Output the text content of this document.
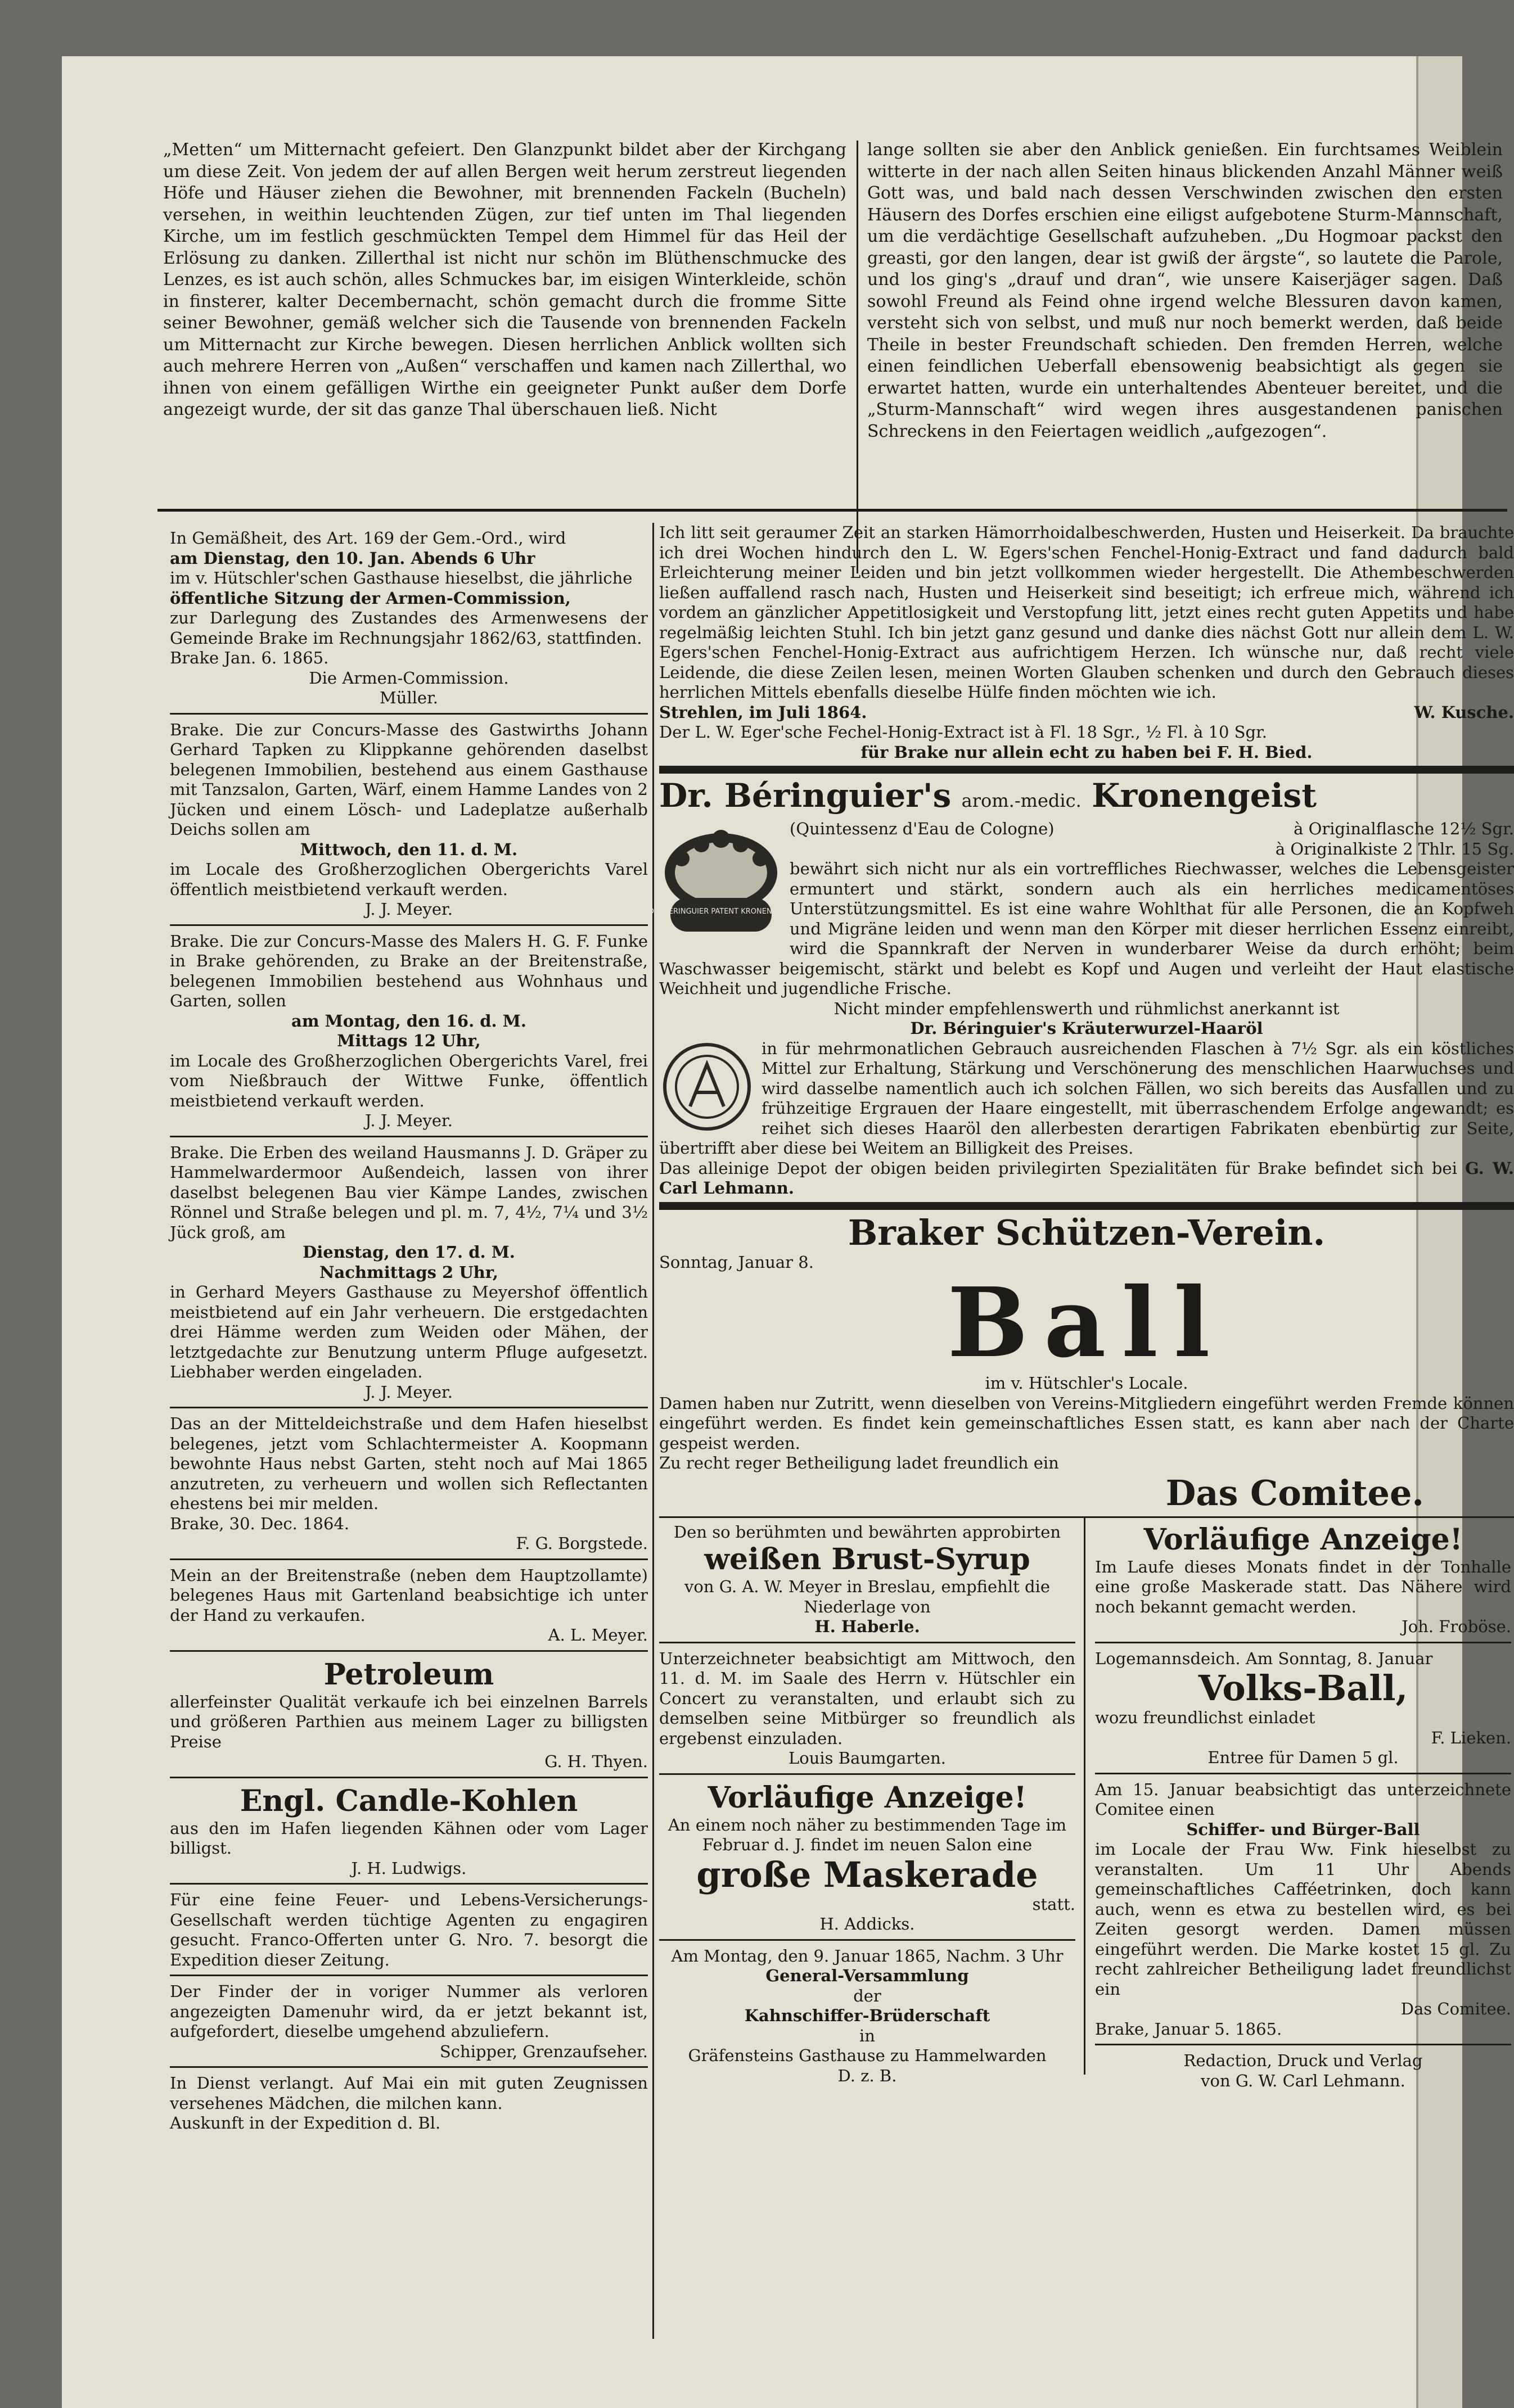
„Metten“ um Mitternacht gefeiert. Den Glanzpunkt bildet aber der Kirchgang um diese Zeit. Von jedem der auf allen Bergen weit herum zerstreut liegenden Höfe und Häuser ziehen die Bewohner, mit brennenden Fackeln (Bucheln) versehen, in weithin leuchtenden Zügen, zur tief unten im Thal liegenden Kirche, um im festlich geschmückten Tempel dem Himmel für das Heil der Erlösung zu danken. Zillerthal ist nicht nur schön im Blüthenschmucke des Lenzes, es ist auch schön, alles Schmuckes bar, im eisigen Winterkleide, schön in finsterer, kalter Decembernacht, schön gemacht durch die fromme Sitte seiner Bewohner, gemäß welcher sich die Tausende von brennenden Fackeln um Mitternacht zur Kirche bewegen. Diesen herrlichen Anblick wollten sich auch mehrere Herren von „Außen“ verschaffen und kamen nach Zillerthal, wo ihnen von einem gefälligen Wirthe ein geeigneter Punkt außer dem Dorfe angezeigt wurde, der sit das ganze Thal überschauen ließ. Nicht

lange sollten sie aber den Anblick genießen. Ein furchtsames Weiblein witterte in der nach allen Seiten hinaus blickenden Anzahl Männer weiß Gott was, und bald nach dessen Verschwinden zwischen den ersten Häusern des Dorfes erschien eine eiligst aufgebotene Sturm-Mannschaft, um die verdächtige Gesellschaft aufzuheben. „Du Hogmoar packst den greasti, gor den langen, dear ist gwiß der ärgste“, so lautete die Parole, und los ging's „drauf und dran“, wie unsere Kaiserjäger sagen. Daß sowohl Freund als Feind ohne irgend welche Blessuren davon kamen, versteht sich von selbst, und muß nur noch bemerkt werden, daß beide Theile in bester Freundschaft schieden. Den fremden Herren, welche einen feindlichen Ueberfall ebensowenig beabsichtigt als gegen sie erwartet hatten, wurde ein unterhaltendes Abenteuer bereitet, und die „Sturm-Mannschaft“ wird wegen ihres ausgestandenen panischen Schreckens in den Feiertagen weidlich „aufgezogen“.

In Gemäßheit, des Art. 169 der Gem.-Ord., wird

am Dienstag, den 10. Jan. Abends 6 Uhr

im v. Hütschler'schen Gasthause hieselbst, die jährliche

öffentliche Sitzung der Armen-Commission,

zur Darlegung des Zustandes des Armenwesens der Gemeinde Brake im Rechnungsjahr 1862/63, stattfinden.

Brake Jan. 6. 1865.

Die Armen-Commission.

Müller.

Brake. Die zur Concurs-Masse des Gastwirths Johann Gerhard Tapken zu Klippkanne gehörenden daselbst belegenen Immobilien, bestehend aus einem Gasthause mit Tanzsalon, Garten, Wärf, einem Hamme Landes von 2 Jücken und einem Lösch- und Ladeplatze außerhalb Deichs sollen am

Mittwoch, den 11. d. M.

im Locale des Großherzoglichen Obergerichts Varel öffentlich meistbietend verkauft werden.

J. J. Meyer.

Brake. Die zur Concurs-Masse des Malers H. G. F. Funke in Brake gehörenden, zu Brake an der Breitenstraße, belegenen Immobilien bestehend aus Wohnhaus und Garten, sollen

am Montag, den 16. d. M.

Mittags 12 Uhr,

im Locale des Großherzoglichen Obergerichts Varel, frei vom Nießbrauch der Wittwe Funke, öffentlich meistbietend verkauft werden.

J. J. Meyer.

Brake. Die Erben des weiland Hausmanns J. D. Gräper zu Hammelwardermoor Außendeich, lassen von ihrer daselbst belegenen Bau vier Kämpe Landes, zwischen Rönnel und Straße belegen und pl. m. 7, 4½, 7¼ und 3½ Jück groß, am

Dienstag, den 17. d. M.

Nachmittags 2 Uhr,

in Gerhard Meyers Gasthause zu Meyershof öffentlich meistbietend auf ein Jahr verheuern. Die erstgedachten drei Hämme werden zum Weiden oder Mähen, der letztgedachte zur Benutzung unterm Pfluge aufgesetzt. Liebhaber werden eingeladen.

J. J. Meyer.

Das an der Mitteldeichstraße und dem Hafen hieselbst belegenes, jetzt vom Schlachtermeister A. Koopmann bewohnte Haus nebst Garten, steht noch auf Mai 1865 anzutreten, zu verheuern und wollen sich Reflectanten ehestens bei mir melden.

Brake, 30. Dec. 1864.

F. G. Borgstede.

Mein an der Breitenstraße (neben dem Hauptzollamte) belegenes Haus mit Gartenland beabsichtige ich unter der Hand zu verkaufen.

A. L. Meyer.

Petroleum

allerfeinster Qualität verkaufe ich bei einzelnen Barrels und größeren Parthien aus meinem Lager zu billigsten Preise

G. H. Thyen.

Engl. Candle-Kohlen

aus den im Hafen liegenden Kähnen oder vom Lager billigst.

J. H. Ludwigs.

Für eine feine Feuer- und Lebens-Versicherungs-Gesellschaft werden tüchtige Agenten zu engagiren gesucht. Franco-Offerten unter G. Nro. 7. besorgt die Expedition dieser Zeitung.

Der Finder der in voriger Nummer als verloren angezeigten Damenuhr wird, da er jetzt bekannt ist, aufgefordert, dieselbe umgehend abzuliefern.

Schipper, Grenzaufseher.

In Dienst verlangt. Auf Mai ein mit guten Zeugnissen versehenes Mädchen, die milchen kann.

Auskunft in der Expedition d. Bl.

Ich litt seit geraumer Zeit an starken Hämorrhoidalbeschwerden, Husten und Heiserkeit. Da brauchte ich drei Wochen hindurch den L. W. Egers'schen Fenchel-Honig-Extract und fand dadurch bald Erleichterung meiner Leiden und bin jetzt vollkommen wieder hergestellt. Die Athembeschwerden ließen auffallend rasch nach, Husten und Heiserkeit sind beseitigt; ich erfreue mich, während ich vordem an gänzlicher Appetitlosigkeit und Verstopfung litt, jetzt eines recht guten Appetits und habe regelmäßig leichten Stuhl. Ich bin jetzt ganz gesund und danke dies nächst Gott nur allein dem L. W. Egers'schen Fenchel-Honig-Extract aus aufrichtigem Herzen. Ich wünsche nur, daß recht viele Leidende, die diese Zeilen lesen, meinen Worten Glauben schenken und durch den Gebrauch dieses herrlichen Mittels ebenfalls dieselbe Hülfe finden möchten wie ich.

Strehlen, im Juli 1864.	W. Kusche.

Der L. W. Eger'sche Fechel-Honig-Extract ist à Fl. 18 Sgr., ½ Fl. à 10 Sgr.

für Brake nur allein echt zu haben bei F. H. Bied.

Dr. Béringuier's arom.-medic. Kronengeist

DR. BÉRINGUIER PATENT KRONENGEIST

(Quintessenz d'Eau de Cologne)	à Originalflasche 12½ Sgr.

à Originalkiste 2 Thlr. 15 Sg.

bewährt sich nicht nur als ein vortreffliches Riechwasser, welches die Lebensgeister ermuntert und stärkt, sondern auch als ein herrliches medicamentöses Unterstützungsmittel. Es ist eine wahre Wohlthat für alle Personen, die an Kopfweh und Migräne leiden und wenn man den Körper mit dieser herrlichen Essenz einreibt, wird die Spannkraft der Nerven in wunderbarer Weise da durch erhöht; beim Waschwasser beigemischt, stärkt und belebt es Kopf und Augen und verleiht der Haut elastische Weichheit und jugendliche Frische.

Nicht minder empfehlenswerth und rühmlichst anerkannt ist

Dr. Béringuier's Kräuterwurzel-Haaröl

in für mehrmonatlichen Gebrauch ausreichenden Flaschen à 7½ Sgr. als ein köstliches Mittel zur Erhaltung, Stärkung und Verschönerung des menschlichen Haarwuchses und wird dasselbe namentlich auch ich solchen Fällen, wo sich bereits das Ausfallen und zu frühzeitige Ergrauen der Haare eingestellt, mit überraschendem Erfolge angewandt; es reihet sich dieses Haaröl den allerbesten derartigen Fabrikaten ebenbürtig zur Seite, übertrifft aber diese bei Weitem an Billigkeit des Preises.

Das alleinige Depot der obigen beiden privilegirten Spezialitäten für Brake befindet sich bei G. W. Carl Lehmann.

Braker Schützen-Verein.

Sonntag, Januar 8.

Ball

im v. Hütschler's Locale.

Damen haben nur Zutritt, wenn dieselben von Vereins-Mitgliedern eingeführt werden Fremde können eingeführt werden. Es findet kein gemeinschaftliches Essen statt, es kann aber nach der Charte gespeist werden.

Zu recht reger Betheiligung ladet freundlich ein

Das Comitee.

Den so berühmten und bewährten approbirten

weißen Brust-Syrup

von G. A. W. Meyer in Breslau, empfiehlt die Niederlage von

H. Haberle.

Unterzeichneter beabsichtigt am Mittwoch, den 11. d. M. im Saale des Herrn v. Hütschler ein Concert zu veranstalten, und erlaubt sich zu demselben seine Mitbürger so freundlich als ergebenst einzuladen.

Louis Baumgarten.

Vorläufige Anzeige!

An einem noch näher zu bestimmenden Tage im Februar d. J. findet im neuen Salon eine

große Maskerade

statt.

H. Addicks.

Am Montag, den 9. Januar 1865, Nachm. 3 Uhr

General-Versammlung

der

Kahnschiffer-Brüderschaft

in

Gräfensteins Gasthause zu Hammelwarden

D. z. B.

Vorläufige Anzeige!

Im Laufe dieses Monats findet in der Tonhalle eine große Maskerade statt. Das Nähere wird noch bekannt gemacht werden.

Joh. Froböse.

Logemannsdeich. Am Sonntag, 8. Januar

Volks-Ball,

wozu freundlichst einladet

F. Lieken.

Entree für Damen 5 gl.

Am 15. Januar beabsichtigt das unterzeichnete Comitee einen

Schiffer- und Bürger-Ball

im Locale der Frau Ww. Fink hieselbst zu veranstalten. Um 11 Uhr Abends gemeinschaftliches Cafféetrinken, doch kann auch, wenn es etwa zu bestellen wird, es bei Zeiten gesorgt werden. Damen müssen eingeführt werden. Die Marke kostet 15 gl. Zu recht zahlreicher Betheiligung ladet freundlichst ein

Das Comitee.

Brake, Januar 5. 1865.

Redaction, Druck und Verlag

von G. W. Carl Lehmann.
